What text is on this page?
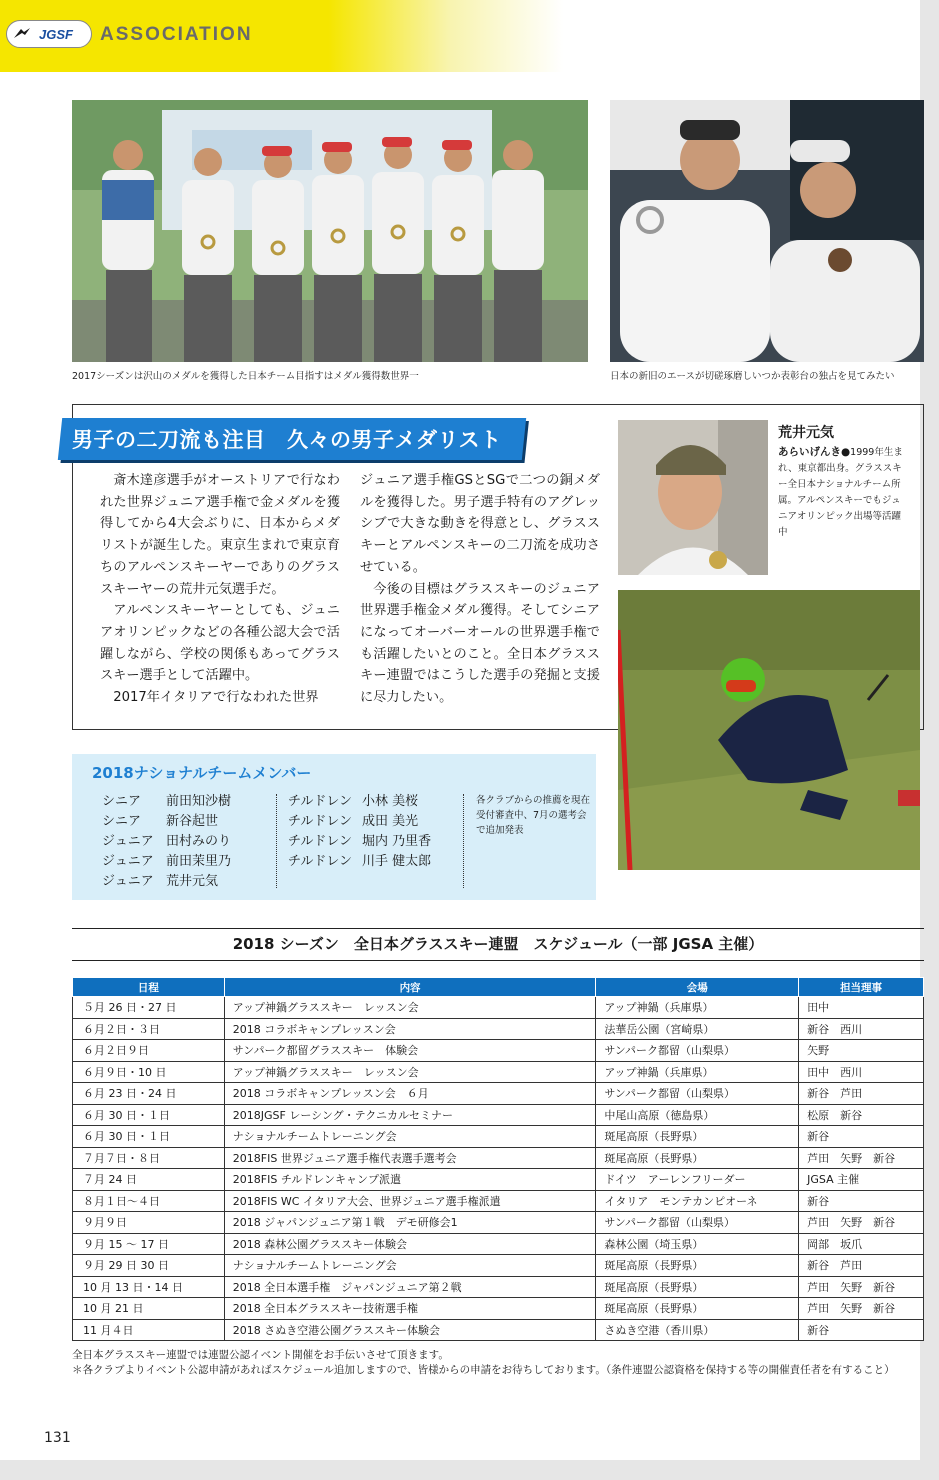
JGSF ASSOCIATION
2017シーズンは沢山のメダルを獲得した日本チーム目指すはメダル獲得数世界一	日本の新旧のエースが切磋琢磨しいつか表彰台の独占を見てみたい
男子の二刀流も注目　久々の男子メダリスト

斎木達彦選手がオーストリアで行なわれた世界ジュニア選手権で金メダルを獲得してから4大会ぶりに、日本からメダリストが誕生した。東京生まれで東京育ちのアルペンスキーヤーでありのグラススキーヤーの荒井元気選手だ。

アルペンスキーヤーとしても、ジュニアオリンピックなどの各種公認大会で活躍しながら、学校の関係もあってグラススキー選手として活躍中。

2017年イタリアで行なわれた世界

ジュニア選手権GSとSGで二つの銅メダルを獲得した。男子選手特有のアグレッシブで大きな動きを得意とし、グラススキーとアルペンスキーの二刀流を成功させている。

今後の目標はグラススキーのジュニア世界選手権金メダル獲得。そしてシニアになってオーバーオールの世界選手権でも活躍したいとのこと。全日本グラススキー連盟ではこうした選手の発掘と支援に尽力したい。

荒井元気
あらいげんき●1999年生まれ、東京都出身。グラススキー全日本ナショナルチーム所属。アルペンスキーでもジュニアオリンピック出場等活躍中
2018ナショナルチームメンバー
シニア	前田知沙樹
シニア	新谷起世
ジュニア 田村みのり
ジュニア 前田茉里乃
ジュニア 荒井元気
チルドレン 小林 美桜
チルドレン 成田 美光
チルドレン 堀内 乃里香
チルドレン 川手 健太郎
各クラブからの推薦を現在受付審査中、7月の選考会で追加発表
2018 シーズン　全日本グラススキー連盟　スケジュール（一部 JGSA 主催）
日程	内容	会場	担当理事
５月 26 日・27 日	アップ神鍋グラススキー　レッスン会	アップ神鍋（兵庫県）	田中
６月２日・３日	2018 コラボキャンプレッスン会	法華岳公園（宮崎県）	新谷　西川
６月２日９日	サンパーク都留グラススキー　体験会	サンパーク都留（山梨県）	矢野
６月９日・10 日	アップ神鍋グラススキー　レッスン会	アップ神鍋（兵庫県）	田中　西川
６月 23 日・24 日	2018 コラボキャンプレッスン会　６月	サンパーク都留（山梨県）	新谷　芦田
６月 30 日・１日	2018JGSF レーシング・テクニカルセミナー	中尾山高原（徳島県）	松原　新谷
６月 30 日・１日	ナショナルチームトレーニング会	斑尾高原（長野県）	新谷
７月７日・８日	2018FIS 世界ジュニア選手権代表選手選考会	斑尾高原（長野県）	芦田　矢野　新谷
７月 24 日	2018FIS チルドレンキャンプ派遣	ドイツ　アーレンフリーダー	JGSA 主催
８月１日～４日	2018FIS WC イタリア大会、世界ジュニア選手権派遣	イタリア　モンテカンピオーネ	新谷
９月９日	2018 ジャパンジュニア第１戦　デモ研修会1	サンパーク都留（山梨県）	芦田　矢野　新谷
９月 15 ～ 17 日	2018 森林公園グラススキー体験会	森林公園（埼玉県）	岡部　坂爪
９月 29 日 30 日	ナショナルチームトレーニング会	斑尾高原（長野県）	新谷　芦田
10 月 13 日・14 日	2018 全日本選手権　ジャパンジュニア第２戦	斑尾高原（長野県）	芦田　矢野　新谷
10 月 21 日	2018 全日本グラススキー技術選手権	斑尾高原（長野県）	芦田　矢野　新谷
11 月４日	2018 さぬき空港公園グラススキー体験会	さぬき空港（香川県）	新谷
全日本グラススキー連盟では連盟公認イベント開催をお手伝いさせて頂きます。
＊各クラブよりイベント公認申請があればスケジュール追加しますので、皆様からの申請をお待ちしております。（条件連盟公認資格を保持する等の開催責任者を有すること）
131
